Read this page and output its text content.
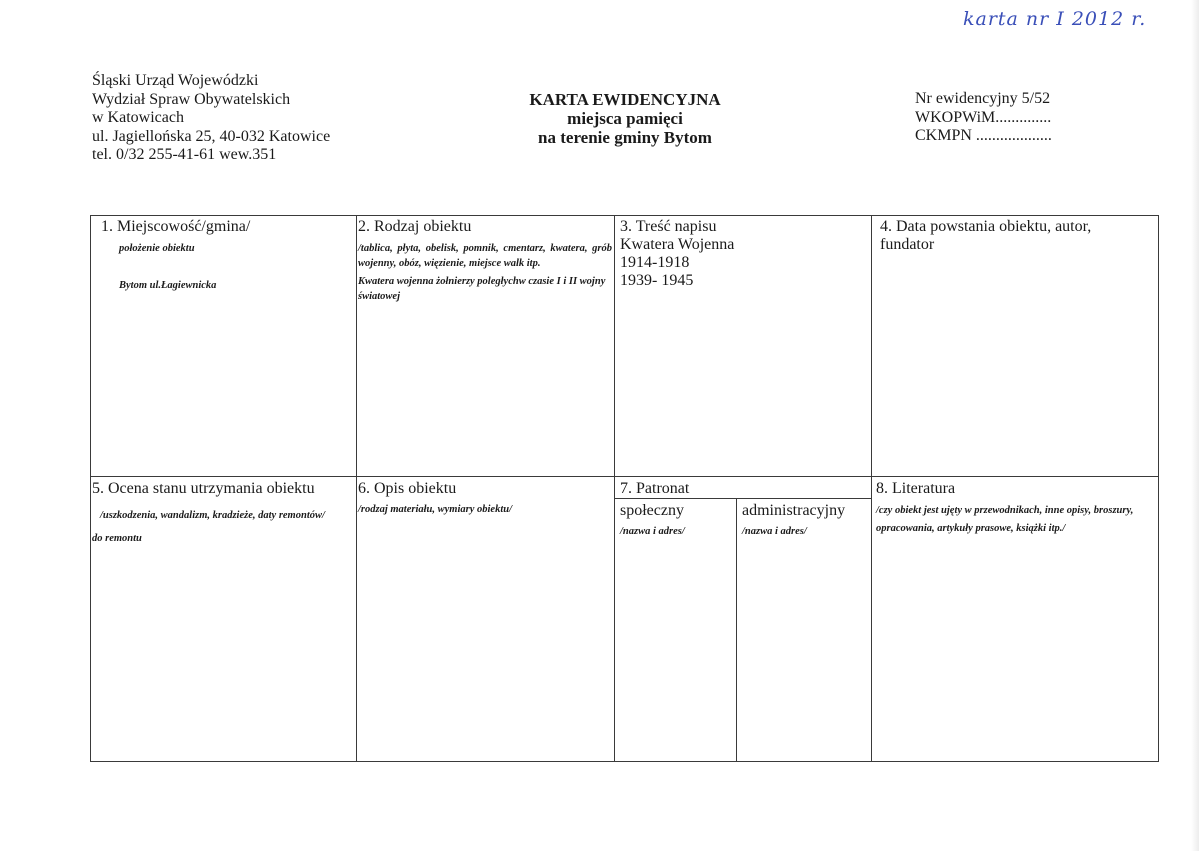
karta nr I 2012 r.
Śląski Urząd Wojewódzki
Wydział Spraw Obywatelskich
w Katowicach
ul. Jagiellońska 25, 40-032 Katowice
tel. 0/32 255-41-61 wew.351
KARTA EWIDENCYJNA
miejsca pamięci
na terenie gminy Bytom
Nr ewidencyjny 5/52
WKOPWiM..............
CKMPN ...................
1. Miejscowość/gmina/
położenie obiektu
Bytom ul.Łagiewnicka
2. Rodzaj obiektu
/tablica, płyta, obelisk, pomnik, cmentarz, kwatera, grób wojenny, obóz, więzienie, miejsce walk itp.
Kwatera wojenna żołnierzy poległychw czasie I i II wojny światowej
3. Treść napisu
Kwatera Wojenna
1914-1918
1939- 1945
4. Data powstania obiektu, autor, fundator
5. Ocena stanu utrzymania obiektu
/uszkodzenia, wandalizm, kradzieże, daty remontów/
do remontu
6. Opis obiektu
/rodzaj materiału, wymiary obiektu/
7. Patronat
społeczny
/nazwa i adres/
administracyjny
/nazwa i adres/
8. Literatura
/czy obiekt jest ujęty w przewodnikach, inne opisy, broszury, opracowania, artykuły prasowe, książki itp./
